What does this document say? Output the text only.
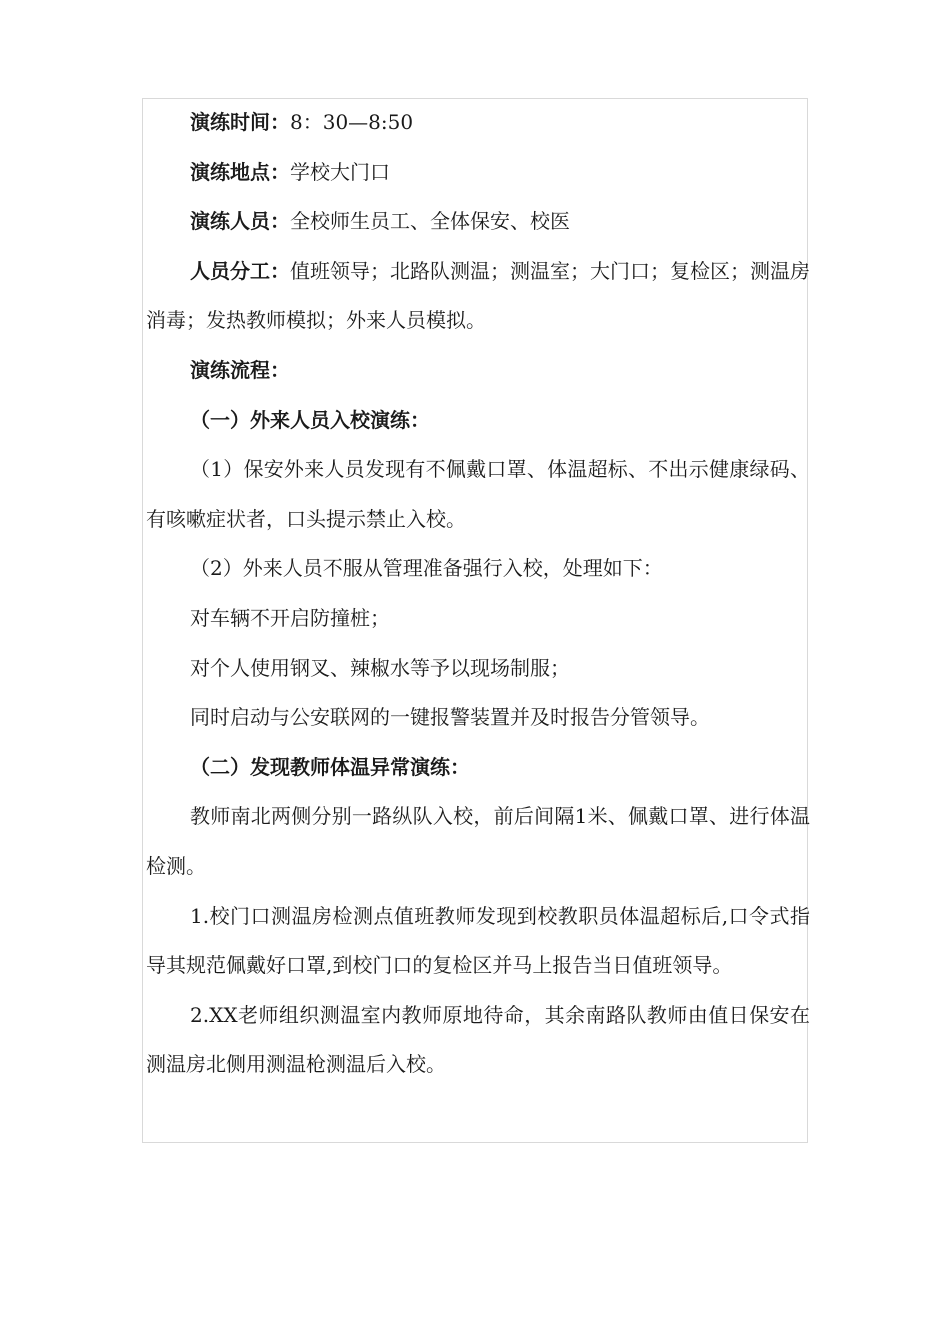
演练时间：8：30—8:50

演练地点：学校大门口

演练人员：全校师生员工、全体保安、校医

人员分工：值班领导；北路队测温；测温室；大门口；复检区；测温房消毒；发热教师模拟；外来人员模拟。

演练流程：

（一）外来人员入校演练：

（1）保安外来人员发现有不佩戴口罩、体温超标、不出示健康绿码、有咳嗽症状者，口头提示禁止入校。

（2）外来人员不服从管理准备强行入校，处理如下：

对车辆不开启防撞桩；

对个人使用钢叉、辣椒水等予以现场制服；

同时启动与公安联网的一键报警装置并及时报告分管领导。

（二）发现教师体温异常演练：

教师南北两侧分别一路纵队入校，前后间隔1米、佩戴口罩、进行体温检测。

1.校门口测温房检测点值班教师发现到校教职员体温超标后,口令式指导其规范佩戴好口罩,到校门口的复检区并马上报告当日值班领导。

2.XX老师组织测温室内教师原地待命，其余南路队教师由值日保安在测温房北侧用测温枪测温后入校。
